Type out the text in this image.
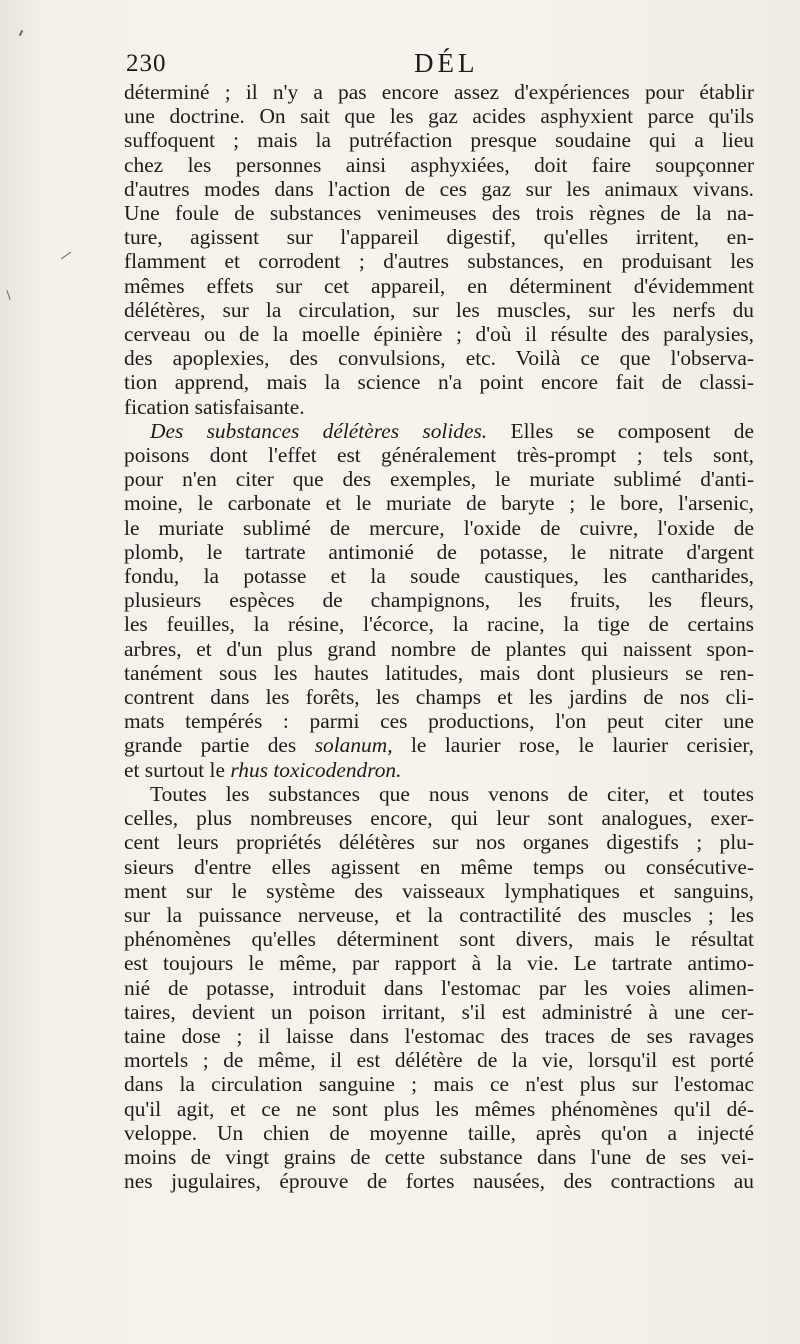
230	DÉL

déterminé ; il n'y a pas encore assez d'expériences pour établir

une doctrine. On sait que les gaz acides asphyxient parce qu'ils

suffoquent ; mais la putréfaction presque soudaine qui a lieu

chez les personnes ainsi asphyxiées, doit faire soupçonner

d'autres modes dans l'action de ces gaz sur les animaux vivans.

Une foule de substances venimeuses des trois règnes de la na-

ture, agissent sur l'appareil digestif, qu'elles irritent, en-

flamment et corrodent ; d'autres substances, en produisant les

mêmes effets sur cet appareil, en déterminent d'évidemment

délétères, sur la circulation, sur les muscles, sur les nerfs du

cerveau ou de la moelle épinière ; d'où il résulte des paralysies,

des apoplexies, des convulsions, etc. Voilà ce que l'observa-

tion apprend, mais la science n'a point encore fait de classi-

fication satisfaisante.

Des substances délétères solides. Elles se composent de

poisons dont l'effet est généralement très-prompt ; tels sont,

pour n'en citer que des exemples, le muriate sublimé d'anti-

moine, le carbonate et le muriate de baryte ; le bore, l'arsenic,

le muriate sublimé de mercure, l'oxide de cuivre, l'oxide de

plomb, le tartrate antimonié de potasse, le nitrate d'argent

fondu, la potasse et la soude caustiques, les cantharides,

plusieurs espèces de champignons, les fruits, les fleurs,

les feuilles, la résine, l'écorce, la racine, la tige de certains

arbres, et d'un plus grand nombre de plantes qui naissent spon-

tanément sous les hautes latitudes, mais dont plusieurs se ren-

contrent dans les forêts, les champs et les jardins de nos cli-

mats tempérés : parmi ces productions, l'on peut citer une

grande partie des solanum, le laurier rose, le laurier cerisier,

et surtout le rhus toxicodendron.

Toutes les substances que nous venons de citer, et toutes

celles, plus nombreuses encore, qui leur sont analogues, exer-

cent leurs propriétés délétères sur nos organes digestifs ; plu-

sieurs d'entre elles agissent en même temps ou consécutive-

ment sur le système des vaisseaux lymphatiques et sanguins,

sur la puissance nerveuse, et la contractilité des muscles ; les

phénomènes qu'elles déterminent sont divers, mais le résultat

est toujours le même, par rapport à la vie. Le tartrate antimo-

nié de potasse, introduit dans l'estomac par les voies alimen-

taires, devient un poison irritant, s'il est administré à une cer-

taine dose ; il laisse dans l'estomac des traces de ses ravages

mortels ; de même, il est délétère de la vie, lorsqu'il est porté

dans la circulation sanguine ; mais ce n'est plus sur l'estomac

qu'il agit, et ce ne sont plus les mêmes phénomènes qu'il dé-

veloppe. Un chien de moyenne taille, après qu'on a injecté

moins de vingt grains de cette substance dans l'une de ses vei-

nes jugulaires, éprouve de fortes nausées, des contractions au
